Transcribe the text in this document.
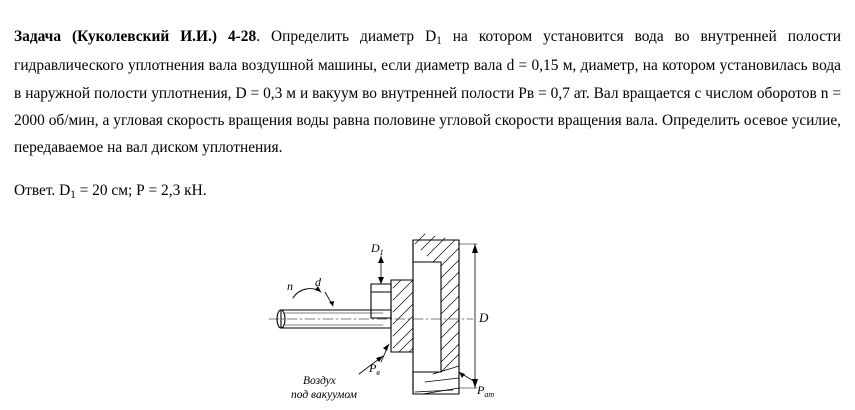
Задача (Куколевский И.И.) 4-28. Определить диаметр $D_1$ на котором установится вода во внутренней полости гидравлического уплотнения вала воздушной машины, если диаметр вала d = 0,15 м, диаметр, на котором установилась вода в наружной полости уплотнения, D = 0,3 м и вакуум во внутренней полости Рв = 0,7 ат. Вал вращается с числом оборотов n = 2000 об/мин, а угловая скорость вращения воды равна половине угловой скорости вращения вала. Определить осевое усилие, передаваемое на вал диском уплотнения.

Ответ. $D_1 = 20$ см; Р = 2,3 кН.

n d
$D_1$
D
$P_в$
$P_{ат}$
Воздух
под вакуумом
